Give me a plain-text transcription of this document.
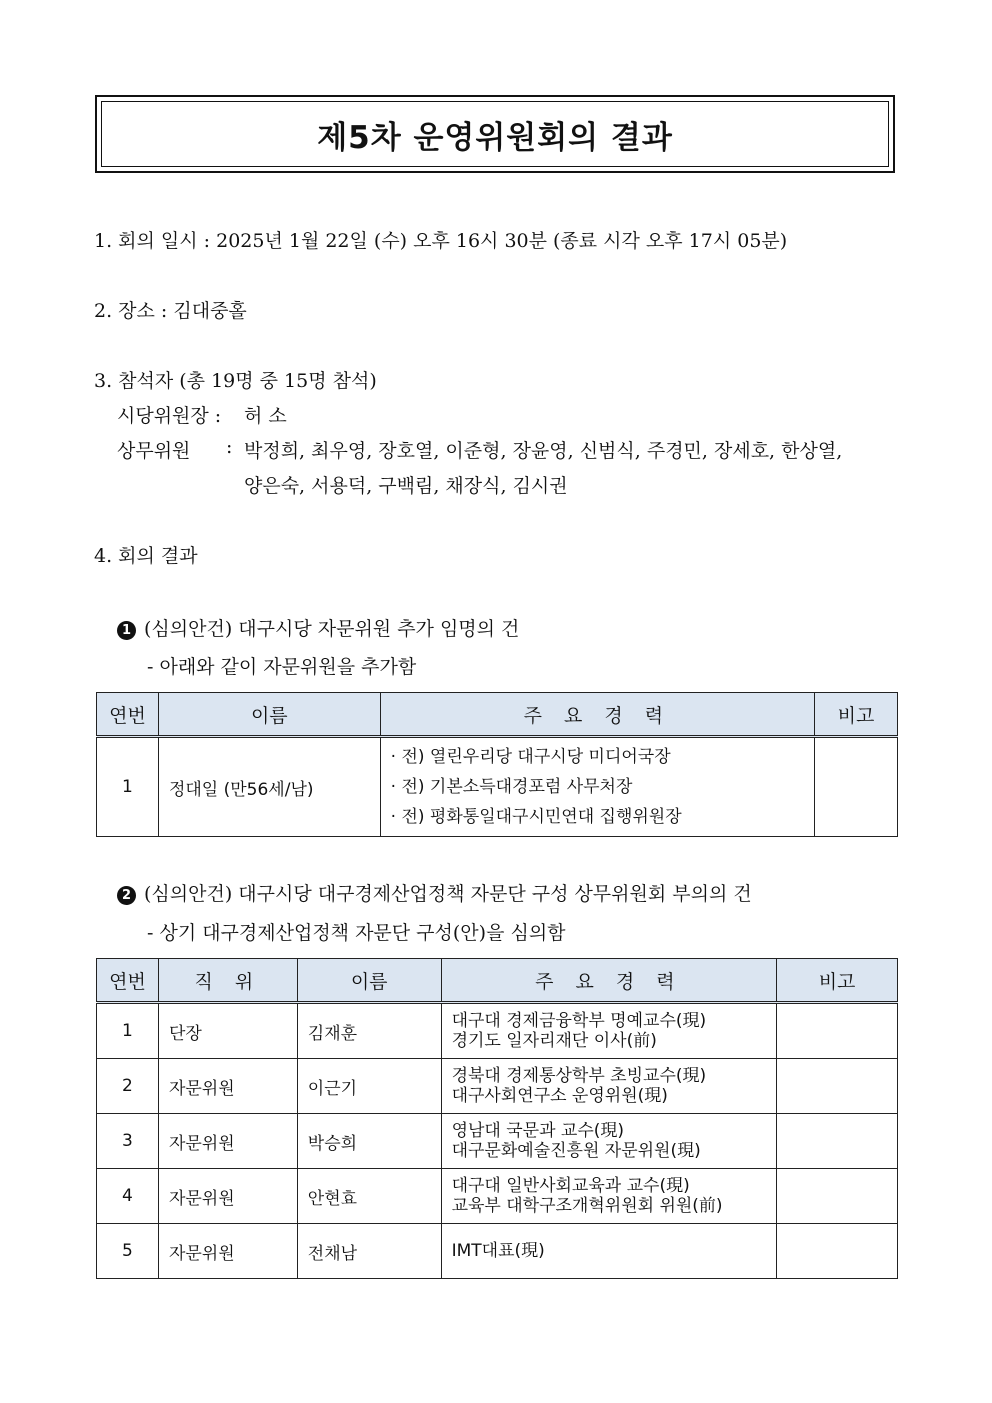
제5차 운영위원회의 결과
1. 회의 일시 : 2025년 1월 22일 (수) 오후 16시 30분 (종료 시각 오후 17시 05분)
2. 장소 : 김대중홀
3. 참석자 (총 19명 중 15명 참석)
시당위원장 : 허 소
상무위원 : 박정희, 최우영, 장호열, 이준형, 장윤영, 신범식, 주경민, 장세호, 한상열,
양은숙, 서용덕, 구백림, 채장식, 김시권
4. 회의 결과
1 (심의안건) 대구시당 자문위원 추가 임명의 건
- 아래와 같이 자문위원을 추가함
연번	이름	주 요 경 력	비고
1	정대일 (만56세/남)	· 전) 열린우리당 대구시당 미디어국장
· 전) 기본소득대경포럼 사무처장
· 전) 평화통일대구시민연대 집행위원장	

2 (심의안건) 대구시당 대구경제산업정책 자문단 구성 상무위원회 부의의 건
- 상기 대구경제산업정책 자문단 구성(안)을 심의함
연번	직 위	이름	주 요 경 력	비고
1	단장	김재훈	대구대 경제금융학부 명예교수(現)
경기도 일자리재단 이사(前)	

2	자문위원	이근기	경북대 경제통상학부 초빙교수(現)
대구사회연구소 운영위원(現)	

3	자문위원	박승희	영남대 국문과 교수(現)
대구문화예술진흥원 자문위원(現)	

4	자문위원	안현효	대구대 일반사회교육과 교수(現)
교육부 대학구조개혁위원회 위원(前)	

5	자문위원	전채남	IMT대표(現)	
